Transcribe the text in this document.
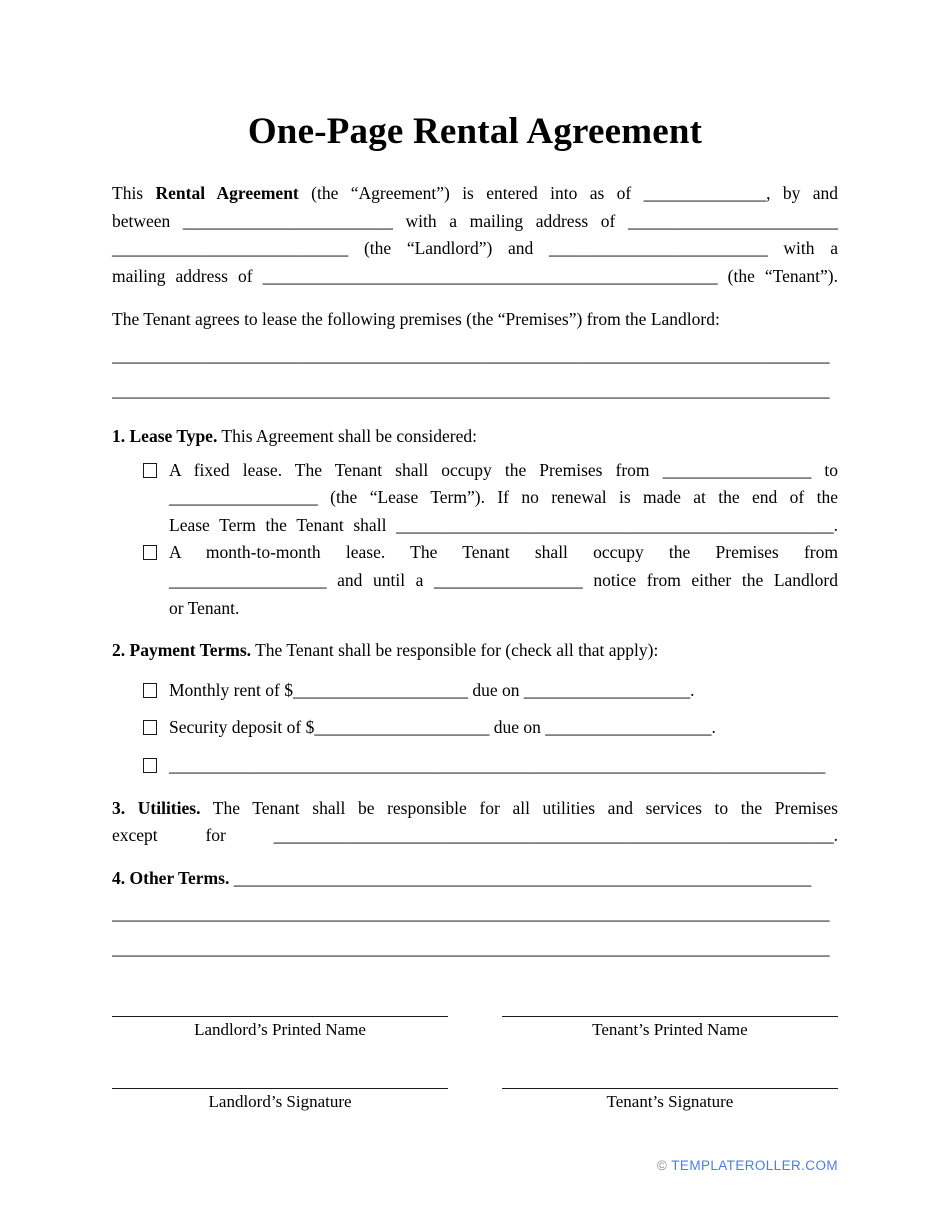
One-Page Rental Agreement
This Rental Agreement (the “Agreement”) is entered into as of ______________, by and
between ________________________ with a mailing address of ________________________
___________________________ (the “Landlord”) and _________________________ with a
mailing address of ____________________________________________________ (the “Tenant”).
The Tenant agrees to lease the following premises (the “Premises”) from the Landlord:
__________________________________________________________________________________
__________________________________________________________________________________
1. Lease Type. This Agreement shall be considered:
A fixed lease. The Tenant shall occupy the Premises from _________________ to
_________________ (the “Lease Term”). If no renewal is made at the end of the
Lease Term the Tenant shall __________________________________________________.
A month-to-month lease. The Tenant shall occupy the Premises from
__________________ and until a _________________ notice from either the Landlord
or Tenant.
2. Payment Terms. The Tenant shall be responsible for (check all that apply):
Monthly rent of $____________________ due on ___________________.
Security deposit of $____________________ due on ___________________.
___________________________________________________________________________
3. Utilities. The Tenant shall be responsible for all utilities and services to the Premises
except for ________________________________________________________________.
4. Other Terms. __________________________________________________________________
__________________________________________________________________________________
__________________________________________________________________________________
Landlord’s Printed Name	Tenant’s Printed Name
Landlord’s Signature	Tenant’s Signature
© TEMPLATEROLLER.COM
